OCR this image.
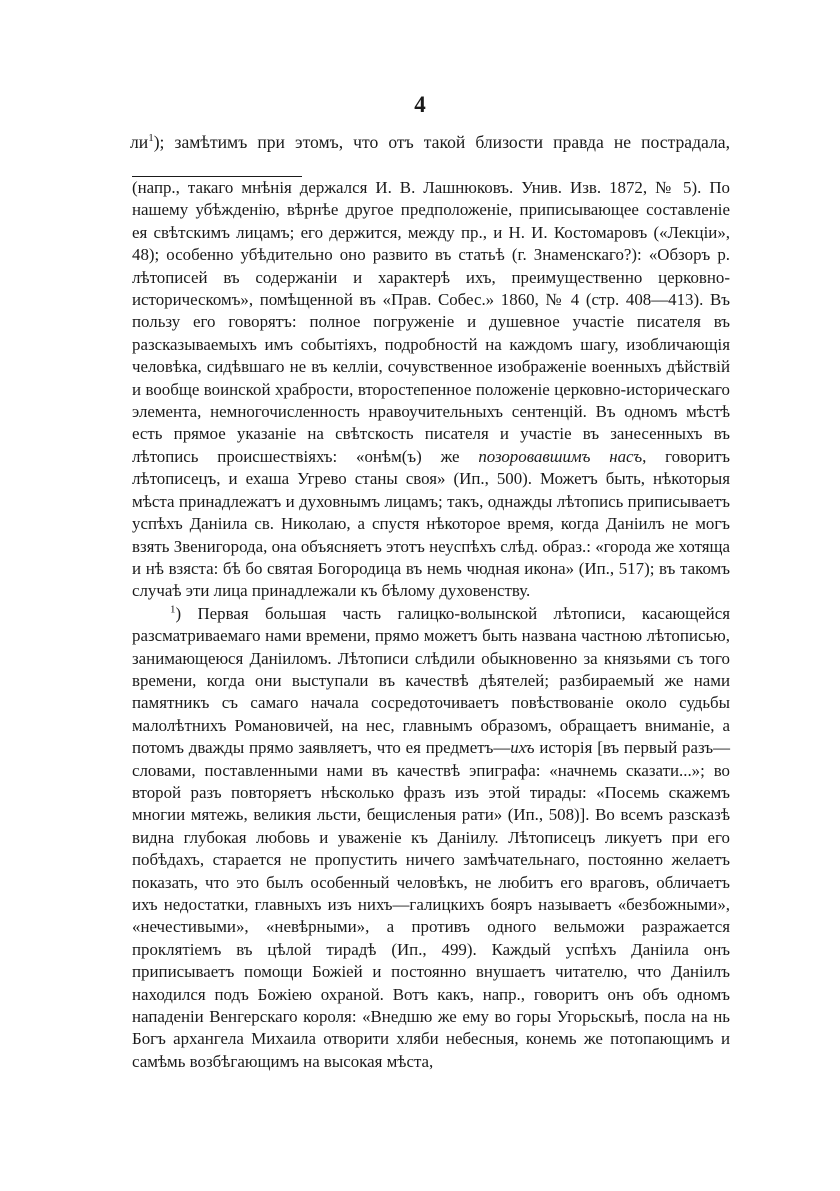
4
ли$^1$); замѣтимъ при этомъ, что отъ такой близости правда не пострадала,

(напр., такаго мнѣнія держался И. В. Лашнюковъ. Унив. Изв. 1872, № 5). По нашему убѣжденію, вѣрнѣе другое предположеніе, приписывающее составленіе ея свѣтскимъ лицамъ; его держится, между пр., и Н. И. Костомаровъ («Лекціи», 48); особенно убѣдительно оно развито въ статьѣ (г. Знаменскаго?): «Обзоръ р. лѣтописей въ содержаніи и характерѣ ихъ, преимущественно церковно-историческомъ», помѣщенной въ «Прав. Собес.» 1860, № 4 (стр. 408—413). Въ пользу его говорятъ: полное погруженіе и душевное участіе писателя въ разсказываемыхъ имъ событіяхъ, подробностй на каждомъ шагу, изобличающія человѣка, сидѣвшаго не въ келліи, сочувственное изображеніе военныхъ дѣйствій и вообще воинской храбрости, второстепенное положеніе церковно-историческаго элемента, немногочисленность нравоучительныхъ сентенцій. Въ одномъ мѣстѣ есть прямое указаніе на свѣтскость писателя и участіе въ занесенныхъ въ лѣтопись происшествіяхъ: «онѣм(ъ) же позоровавшимъ насъ, говоритъ лѣтописецъ, и ехаша Угрево станы своя» (Ип., 500). Можетъ быть, нѣкоторыя мѣста принадлежатъ и духовнымъ лицамъ; такъ, однажды лѣтопись приписываетъ успѣхъ Даніила св. Николаю, а спустя нѣкоторое время, когда Даніилъ не могъ взять Звенигорода, она объясняетъ этотъ неуспѣхъ слѣд. образ.: «города же хотяща и нѣ взяста: бѣ бо святая Богородица въ немь чюдная икона» (Ип., 517); въ такомъ случаѣ эти лица принадлежали къ бѣлому духовенству.

$^1$) Первая большая часть галицко-волынской лѣтописи, касающейся разсматриваемаго нами времени, прямо можетъ быть названа частною лѣтописью, занимающеюся Даніиломъ. Лѣтописи слѣдили обыкновенно за князьями съ того времени, когда они выступали въ качествѣ дѣятелей; разбираемый же нами памятникъ съ самаго начала сосредоточиваетъ повѣствованіе около судьбы малолѣтнихъ Романовичей, на нес, главнымъ образомъ, обращаетъ вниманіе, а потомъ дважды прямо заявляетъ, что ея предметъ—ихъ исторія [въ первый разъ—словами, поставленными нами въ качествѣ эпиграфа: «начнемь сказати...»; во второй разъ повторяетъ нѣсколько фразъ изъ этой тирады: «Посемь скажемъ многии мятежь, великия льсти, бещисленыя рати» (Ип., 508)]. Во всемъ разсказѣ видна глубокая любовь и уваженіе къ Даніилу. Лѣтописецъ ликуетъ при его побѣдахъ, старается не пропустить ничего замѣчательнаго, постоянно желаетъ показать, что это былъ особенный человѣкъ, не любитъ его враговъ, обличаетъ ихъ недостатки, главныхъ изъ нихъ—галицкихъ бояръ называетъ «безбожными», «нечестивыми», «невѣрными», а противъ одного вельможи разражается проклятіемъ въ цѣлой тирадѣ (Ип., 499). Каждый успѣхъ Даніила онъ приписываетъ помощи Божіей и постоянно внушаетъ читателю, что Даніилъ находился подъ Божіею охраной. Вотъ какъ, напр., говоритъ онъ объ одномъ нападеніи Венгерскаго короля: «Внедшю же ему во горы Угорьскыѣ, посла на нь Богъ архангела Михаила отворити хляби небесныя, конемь же потопающимъ и самѣмь возбѣгающимъ на высокая мѣста,
